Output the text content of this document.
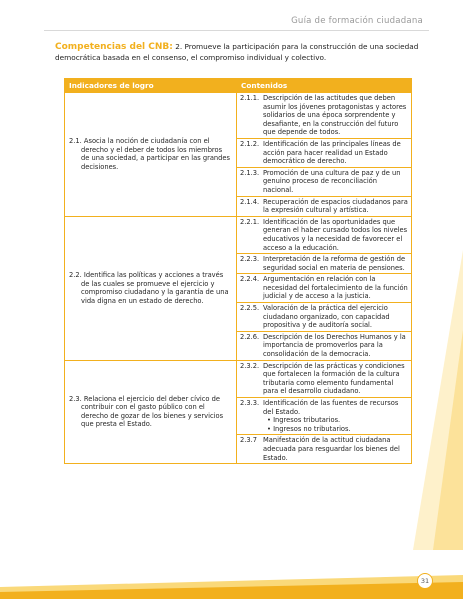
Guía de formación ciudadana
Competencias del CNB: 2. Promueve la participación para la construcción de una sociedad democrática basada en el consenso, el compromiso individual y colectivo.
Indicadores de logro	Contenidos

2.1. Asocia la noción de ciudadanía con el derecho y el deber de todos los miembros de una sociedad, a participar en las grandes decisiones.	2.1.1. Descripción de las actitudes que deben asumir los jóvenes protagonistas y actores solidarios de una época sorprendente y desafiante, en la construcción del futuro que depende de todos.

	2.1.2. Identificación de las principales líneas de acción para hacer realidad un Estado democrático de derecho.

	2.1.3. Promoción de una cultura de paz y de un genuino proceso de reconciliación nacional.

	2.1.4. Recuperación de espacios ciudadanos para la expresión cultural y artística.

2.2. Identifica las políticas y acciones a través de las cuales se promueve el ejercicio y compromiso ciudadano y la garantía de una vida digna en un estado de derecho.	2.2.1. Identificación de las oportunidades que generan el haber cursado todos los niveles educativos y la necesidad de favorecer el acceso a la educación.

	2.2.3. Interpretación de la reforma de gestión de seguridad social en materia de pensiones.

	2.2.4. Argumentación en relación con la necesidad del fortalecimiento de la función judicial y de acceso a la justicia.

	2.2.5. Valoración de la práctica del ejercicio ciudadano organizado, con capacidad propositiva y de auditoría social.

	2.2.6. Descripción de los Derechos Humanos y la importancia de promoverlos para la consolidación de la democracia.

2.3. Relaciona el ejercicio del deber cívico de contribuir con el gasto público con el derecho de gozar de los bienes y servicios que presta el Estado.	2.3.2. Descripción de las prácticas y condiciones que fortalecen la formación de la cultura tributaria como elemento fundamental para el desarrollo ciudadano.

	2.3.3. Identificación de las fuentes de recursos del Estado.
• Ingresos tributarios.
• Ingresos no tributarios.

	2.3.7 Manifestación de la actitud ciudadana adecuada para resguardar los bienes del Estado.
31
